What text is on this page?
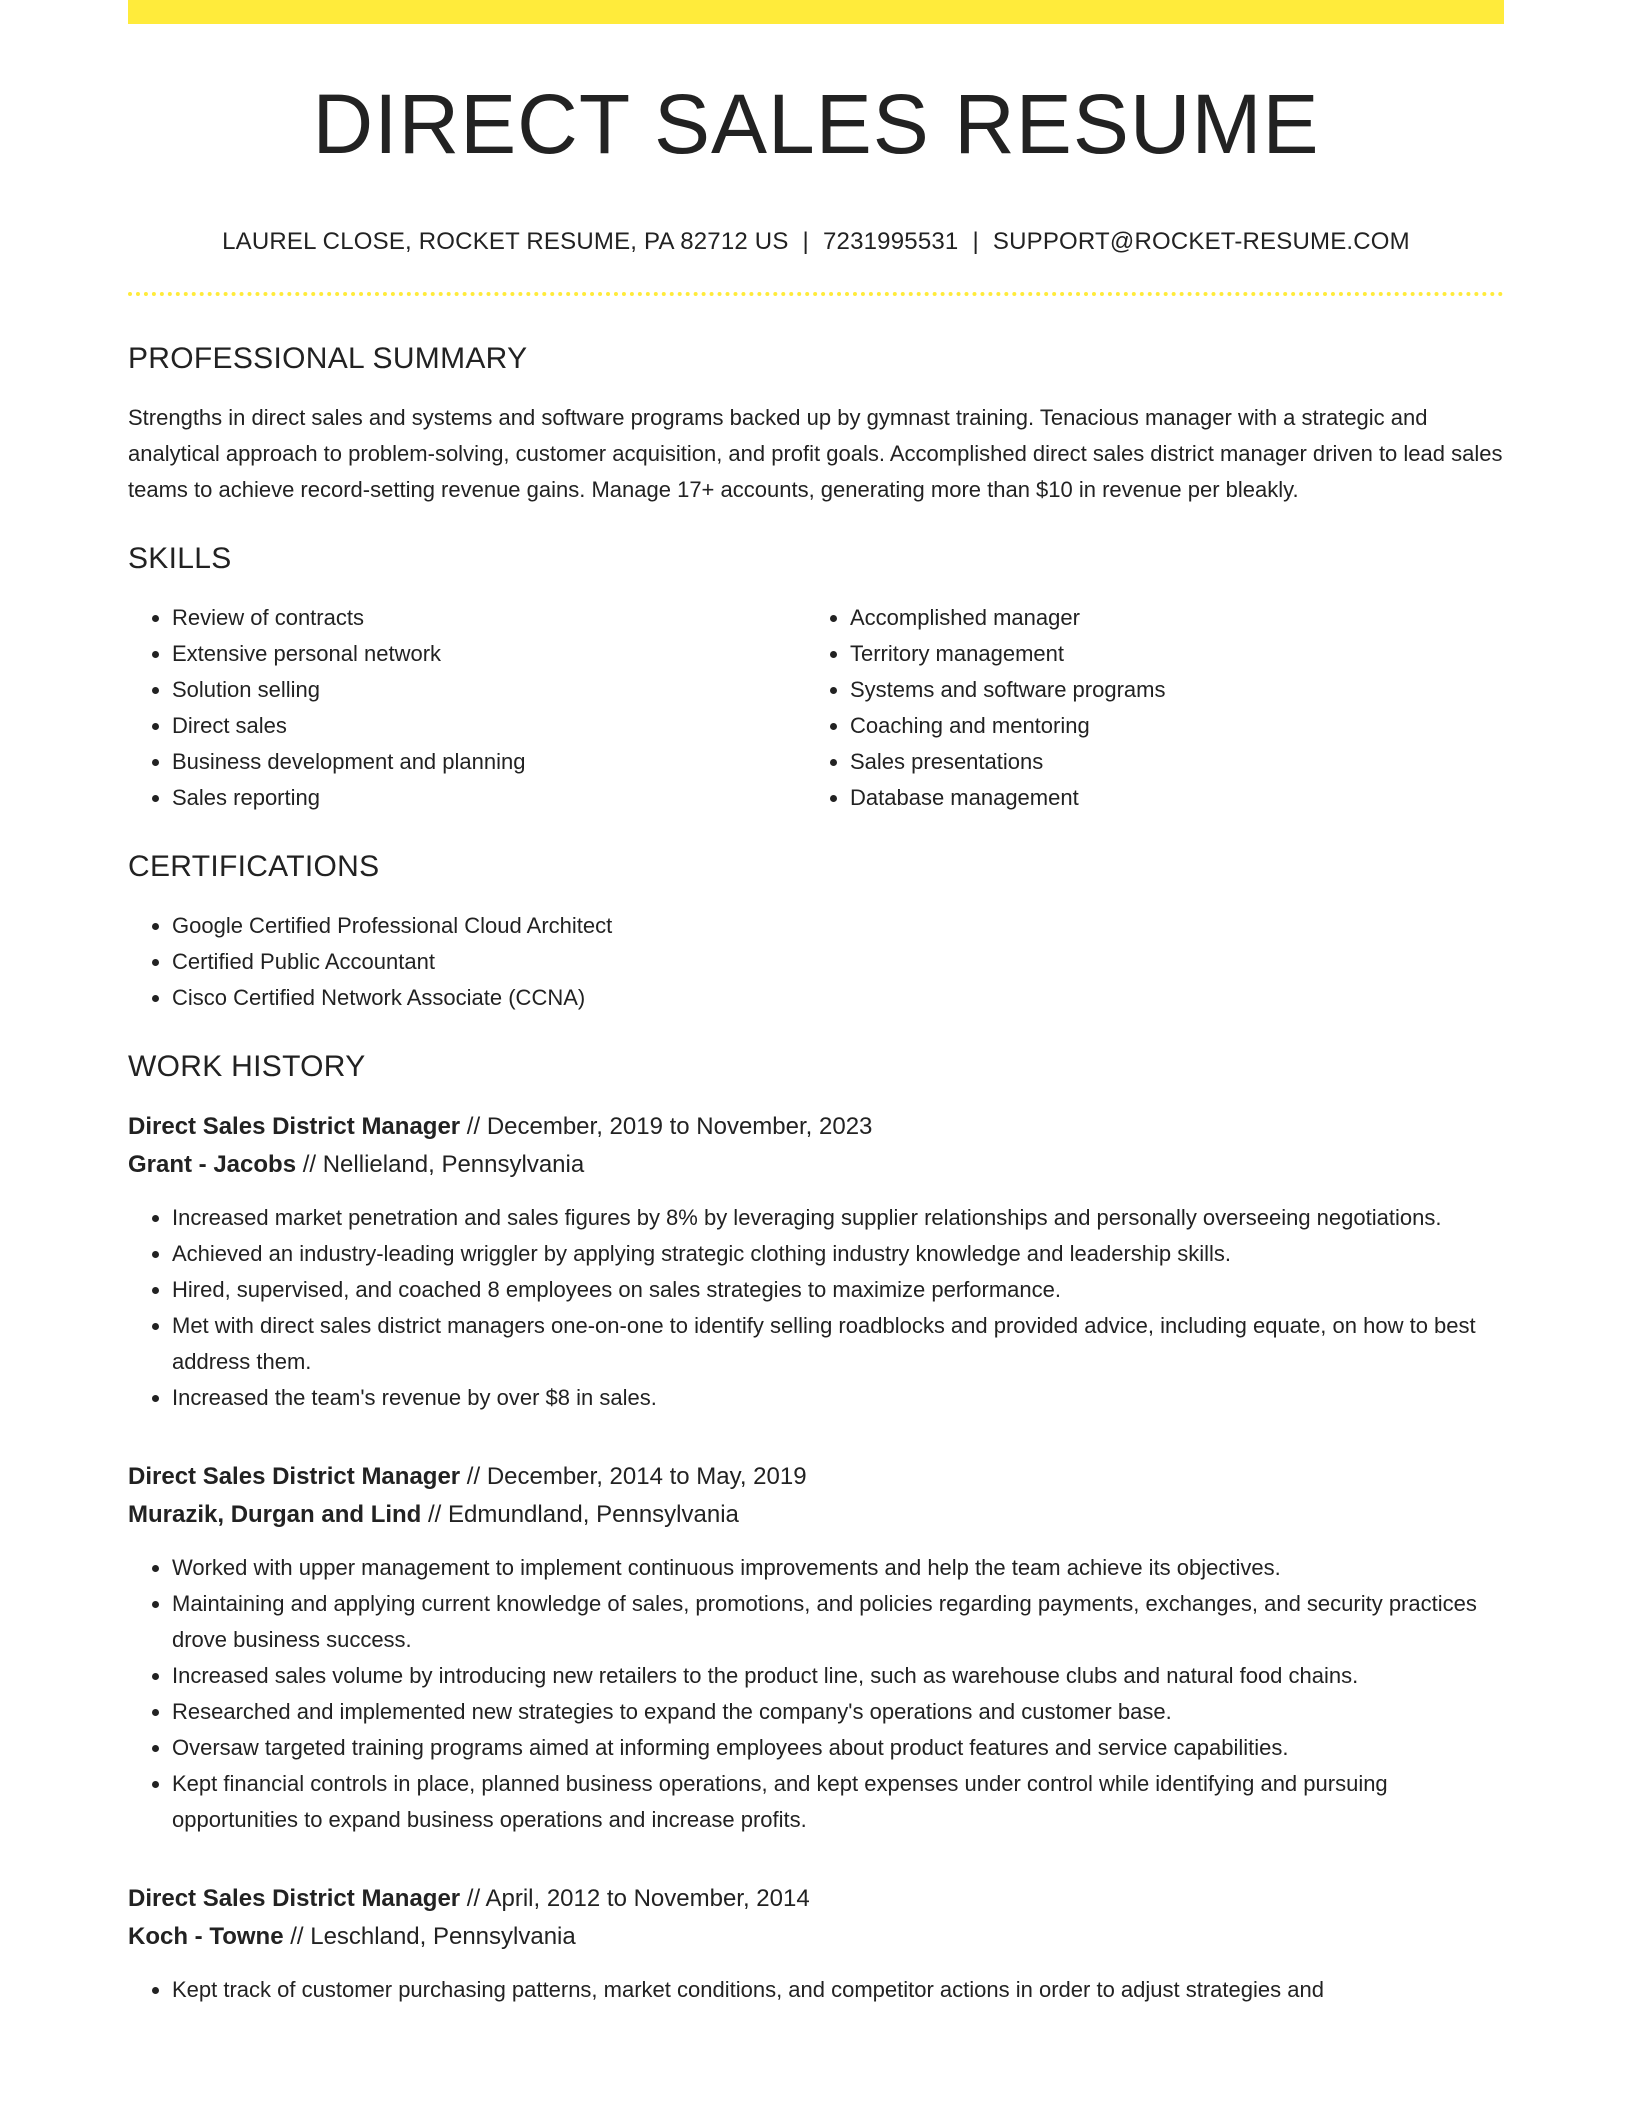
DIRECT SALES RESUME
LAUREL CLOSE, ROCKET RESUME, PA 82712 US | 7231995531 | SUPPORT@ROCKET-RESUME.COM
PROFESSIONAL SUMMARY

Strengths in direct sales and systems and software programs backed up by gymnast training. Tenacious manager with a strategic and analytical approach to problem-solving, customer acquisition, and profit goals. Accomplished direct sales district manager driven to lead sales teams to achieve record-setting revenue gains. Manage 17+ accounts, generating more than $10 in revenue per bleakly.

SKILLS
• Review of contracts
• Extensive personal network
• Solution selling
• Direct sales
• Business development and planning
• Sales reporting
• Accomplished manager
• Territory management
• Systems and software programs
• Coaching and mentoring
• Sales presentations
• Database management
CERTIFICATIONS
• Google Certified Professional Cloud Architect
• Certified Public Accountant
• Cisco Certified Network Associate (CCNA)
WORK HISTORY
Direct Sales District Manager // December, 2019 to November, 2023
Grant - Jacobs // Nellieland, Pennsylvania
• Increased market penetration and sales figures by 8% by leveraging supplier relationships and personally overseeing negotiations.
• Achieved an industry-leading wriggler by applying strategic clothing industry knowledge and leadership skills.
• Hired, supervised, and coached 8 employees on sales strategies to maximize performance.
• Met with direct sales district managers one-on-one to identify selling roadblocks and provided advice, including equate, on how to best address them.
• Increased the team's revenue by over $8 in sales.
Direct Sales District Manager // December, 2014 to May, 2019
Murazik, Durgan and Lind // Edmundland, Pennsylvania
• Worked with upper management to implement continuous improvements and help the team achieve its objectives.
• Maintaining and applying current knowledge of sales, promotions, and policies regarding payments, exchanges, and security practices drove business success.
• Increased sales volume by introducing new retailers to the product line, such as warehouse clubs and natural food chains.
• Researched and implemented new strategies to expand the company's operations and customer base.
• Oversaw targeted training programs aimed at informing employees about product features and service capabilities.
• Kept financial controls in place, planned business operations, and kept expenses under control while identifying and pursuing opportunities to expand business operations and increase profits.
Direct Sales District Manager // April, 2012 to November, 2014
Koch - Towne // Leschland, Pennsylvania
• Kept track of customer purchasing patterns, market conditions, and competitor actions in order to adjust strategies and
